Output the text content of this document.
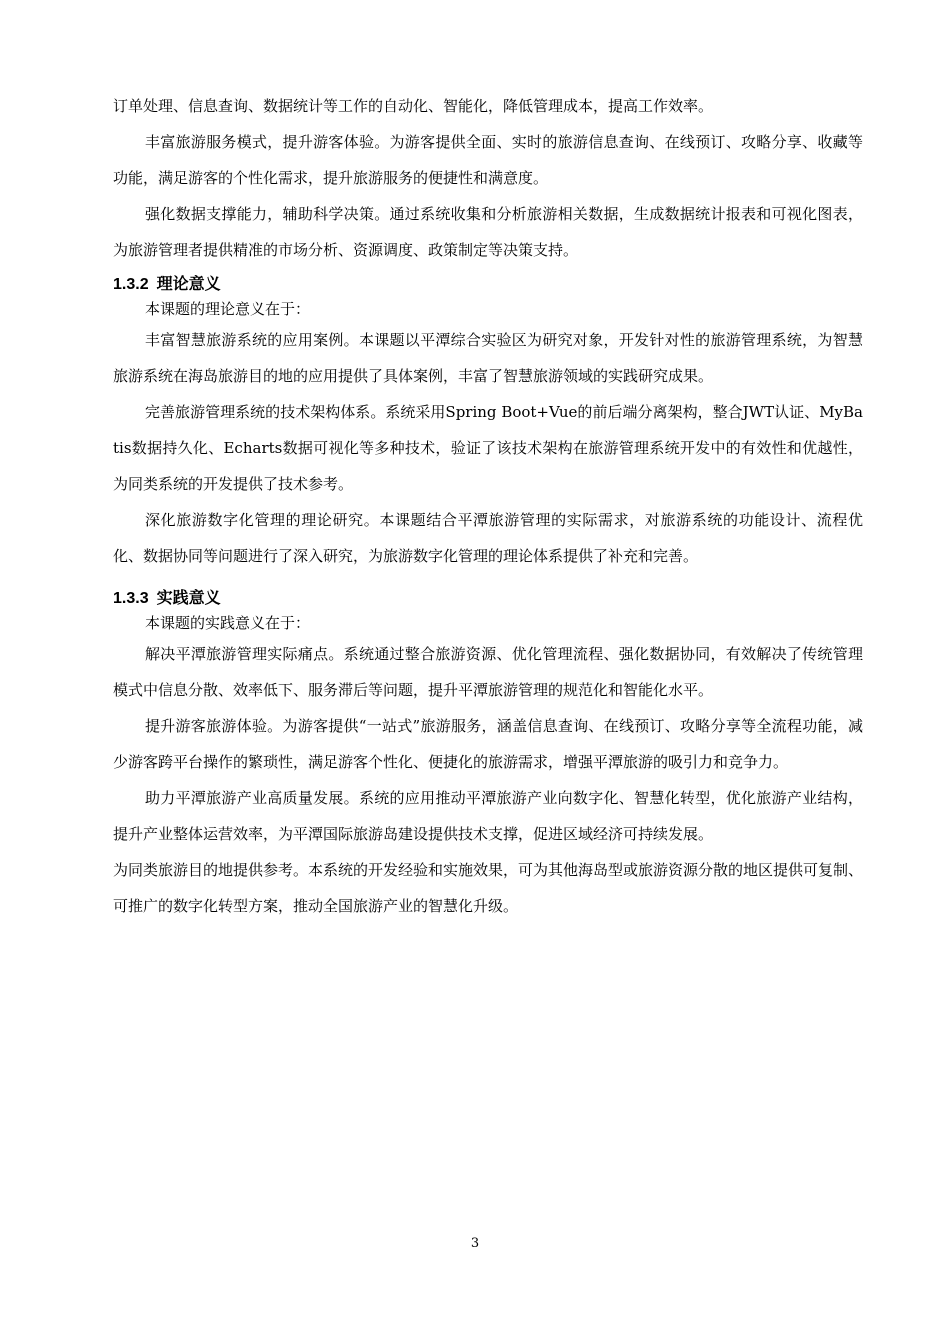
订单处理、信息查询、数据统计等工作的自动化、智能化，降低管理成本，提高工作效率。

丰富旅游服务模式，提升游客体验。为游客提供全面、实时的旅游信息查询、在线预订、攻略分享、收藏等功能，满足游客的个性化需求，提升旅游服务的便捷性和满意度。

强化数据支撑能力，辅助科学决策。通过系统收集和分析旅游相关数据，生成数据统计报表和可视化图表，为旅游管理者提供精准的市场分析、资源调度、政策制定等决策支持。

1.3.2 理论意义

本课题的理论意义在于：

丰富智慧旅游系统的应用案例。本课题以平潭综合实验区为研究对象，开发针对性的旅游管理系统，为智慧旅游系统在海岛旅游目的地的应用提供了具体案例，丰富了智慧旅游领域的实践研究成果。

完善旅游管理系统的技术架构体系。系统采用Spring Boot+Vue的前后端分离架构，整合JWT认证、MyBatis数据持久化、Echarts数据可视化等多种技术，验证了该技术架构在旅游管理系统开发中的有效性和优越性，为同类系统的开发提供了技术参考。

深化旅游数字化管理的理论研究。本课题结合平潭旅游管理的实际需求，对旅游系统的功能设计、流程优化、数据协同等问题进行了深入研究，为旅游数字化管理的理论体系提供了补充和完善。

1.3.3 实践意义

本课题的实践意义在于：

解决平潭旅游管理实际痛点。系统通过整合旅游资源、优化管理流程、强化数据协同，有效解决了传统管理模式中信息分散、效率低下、服务滞后等问题，提升平潭旅游管理的规范化和智能化水平。

提升游客旅游体验。为游客提供“一站式”旅游服务，涵盖信息查询、在线预订、攻略分享等全流程功能，减少游客跨平台操作的繁琐性，满足游客个性化、便捷化的旅游需求，增强平潭旅游的吸引力和竞争力。

助力平潭旅游产业高质量发展。系统的应用推动平潭旅游产业向数字化、智慧化转型，优化旅游产业结构，提升产业整体运营效率，为平潭国际旅游岛建设提供技术支撑，促进区域经济可持续发展。

为同类旅游目的地提供参考。本系统的开发经验和实施效果，可为其他海岛型或旅游资源分散的地区提供可复制、可推广的数字化转型方案，推动全国旅游产业的智慧化升级。

3
